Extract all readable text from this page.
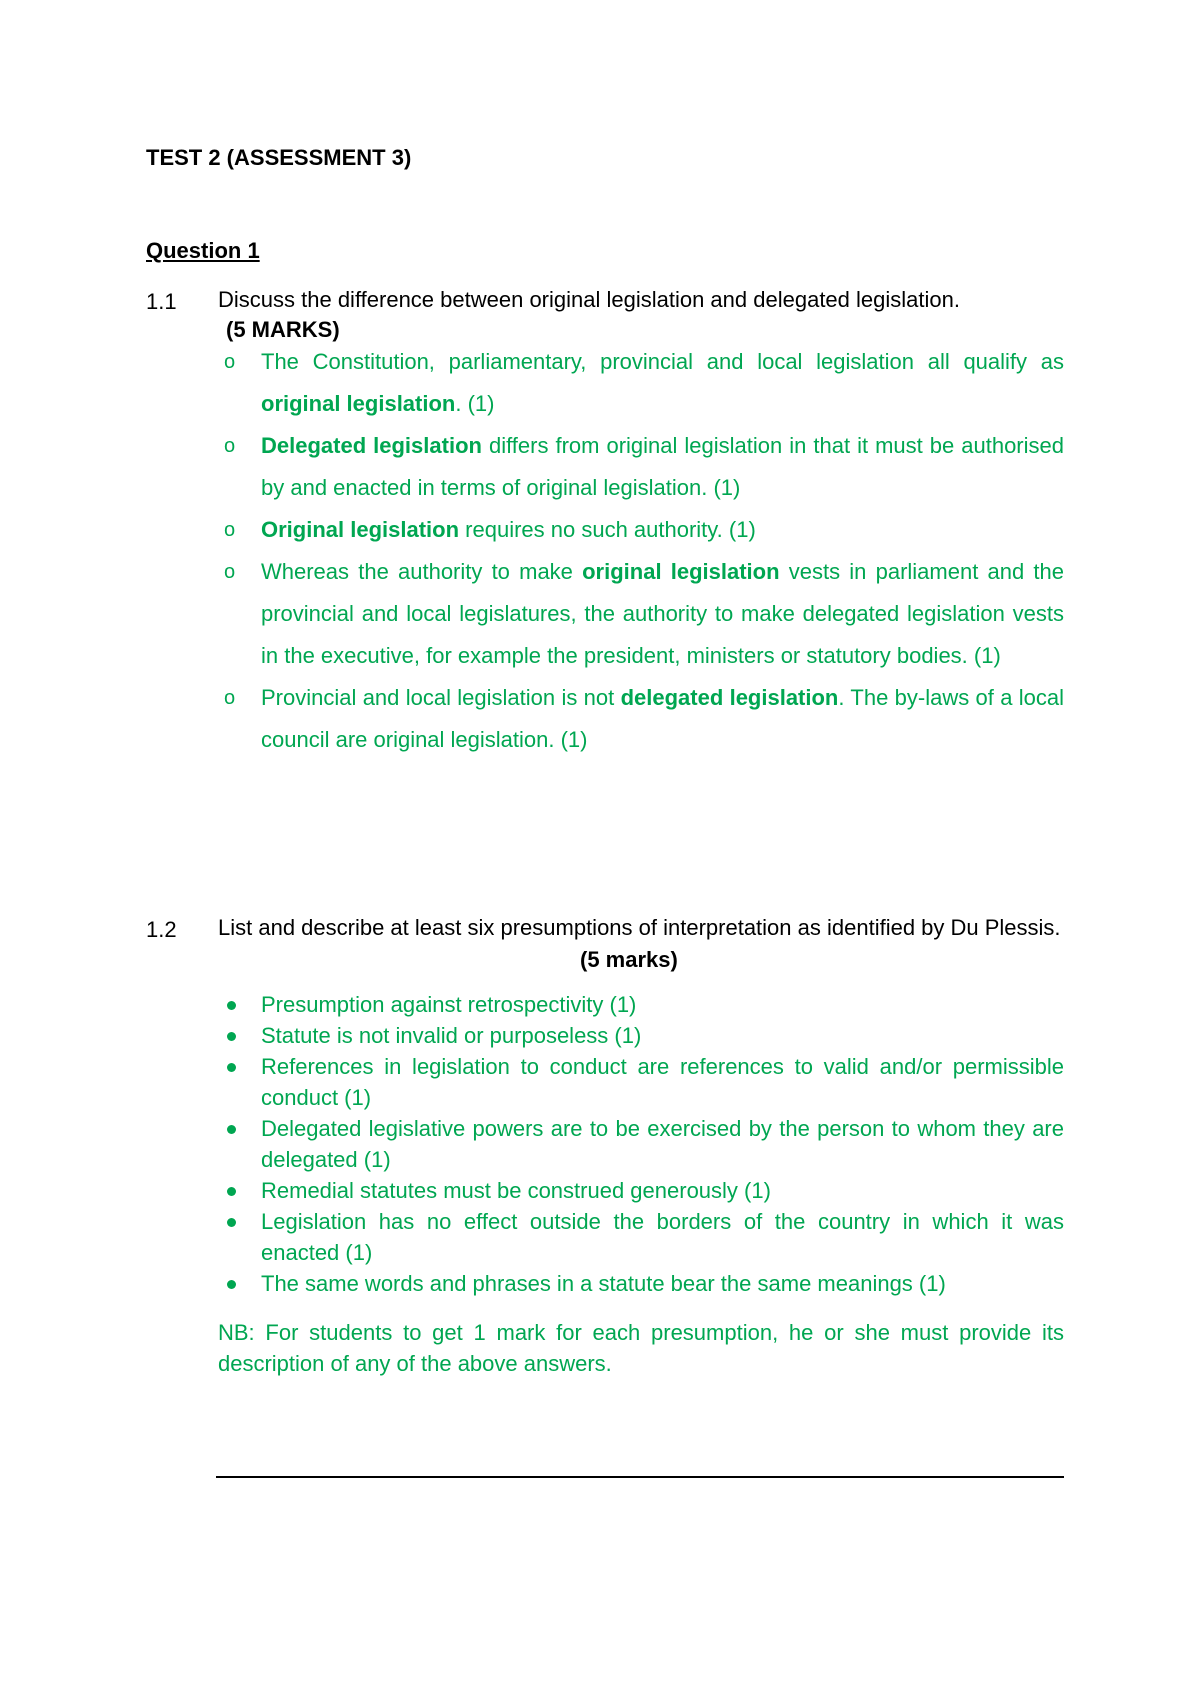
TEST 2 (ASSESSMENT 3)
Question 1
1.1 Discuss the difference between original legislation and delegated legislation.
(5 MARKS)
o The Constitution, parliamentary, provincial and local legislation all qualify as original legislation. (1)
o Delegated legislation differs from original legislation in that it must be authorised by and enacted in terms of original legislation. (1)
o Original legislation requires no such authority. (1)
o Whereas the authority to make original legislation vests in parliament and the provincial and local legislatures, the authority to make delegated legislation vests in the executive, for example the president, ministers or statutory bodies. (1)
o Provincial and local legislation is not delegated legislation. The by-laws of a local council are original legislation. (1)
1.2 List and describe at least six presumptions of interpretation as identified by Du Plessis.
(5 marks)
Presumption against retrospectivity (1)
Statute is not invalid or purposeless (1)
References in legislation to conduct are references to valid and/or permissible conduct (1)
Delegated legislative powers are to be exercised by the person to whom they are delegated (1)
Remedial statutes must be construed generously (1)
Legislation has no effect outside the borders of the country in which it was enacted (1)
The same words and phrases in a statute bear the same meanings (1)
NB: For students to get 1 mark for each presumption, he or she must provide its description of any of the above answers.
